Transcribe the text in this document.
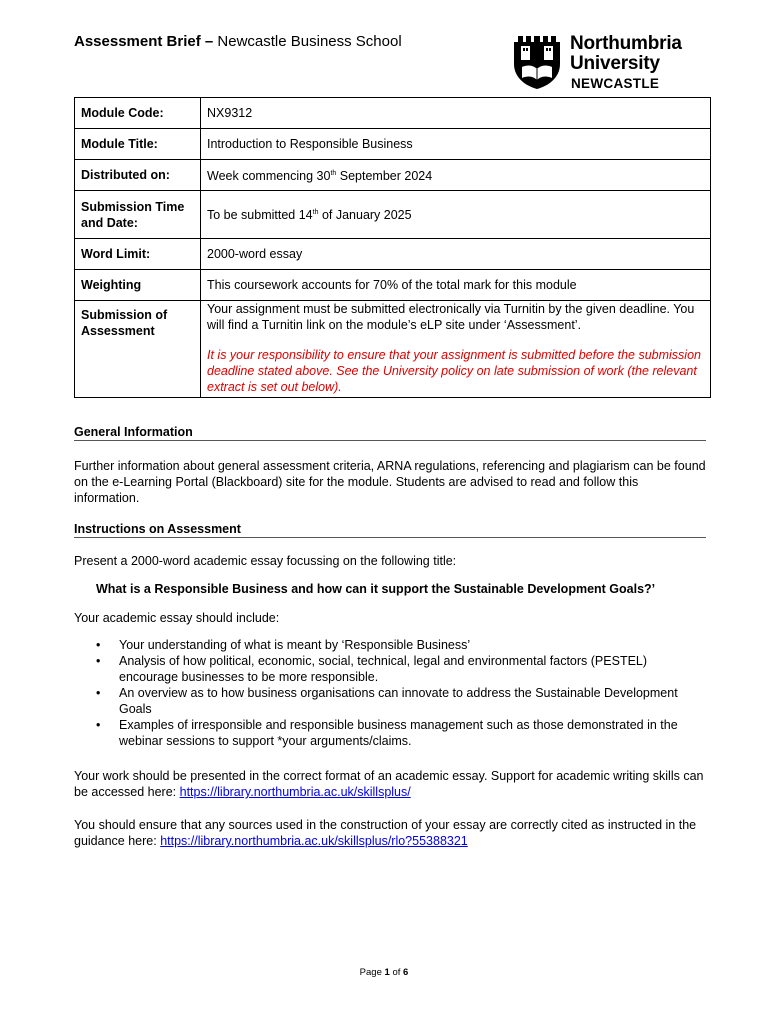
Assessment Brief – Newcastle Business School	Northumbria
University
NEWCASTLE
Module Code:	NX9312
Module Title:	Introduction to Responsible Business
Distributed on:	Week commencing 30th September 2024
Submission Time and Date:	To be submitted 14th of January 2025
Word Limit:	2000-word essay
Weighting	This coursework accounts for 70% of the total mark for this module
Submission of Assessment	Your assignment must be submitted electronically via Turnitin by the given deadline. You will find a Turnitin link on the module’s eLP site under ‘Assessment’.
It is your responsibility to ensure that your assignment is submitted before the submission deadline stated above. See the University policy on late submission of work (the relevant extract is set out below).
General Information
Further information about general assessment criteria, ARNA regulations, referencing and plagiarism can be found on the e-Learning Portal (Blackboard) site for the module. Students are advised to read and follow this information.
Instructions on Assessment
Present a 2000-word academic essay focussing on the following title:
What is a Responsible Business and how can it support the Sustainable Development Goals?’
Your academic essay should include:
• Your understanding of what is meant by ‘Responsible Business’
• Analysis of how political, economic, social, technical, legal and environmental factors (PESTEL) encourage businesses to be more responsible.
• An overview as to how business organisations can innovate to address the Sustainable Development Goals
• Examples of irresponsible and responsible business management such as those demonstrated in the webinar sessions to support *your arguments/claims.
Your work should be presented in the correct format of an academic essay. Support for academic writing skills can be accessed here: https://library.northumbria.ac.uk/skillsplus/
You should ensure that any sources used in the construction of your essay are correctly cited as instructed in the guidance here: https://library.northumbria.ac.uk/skillsplus/rlo?55388321
Page 1 of 6
